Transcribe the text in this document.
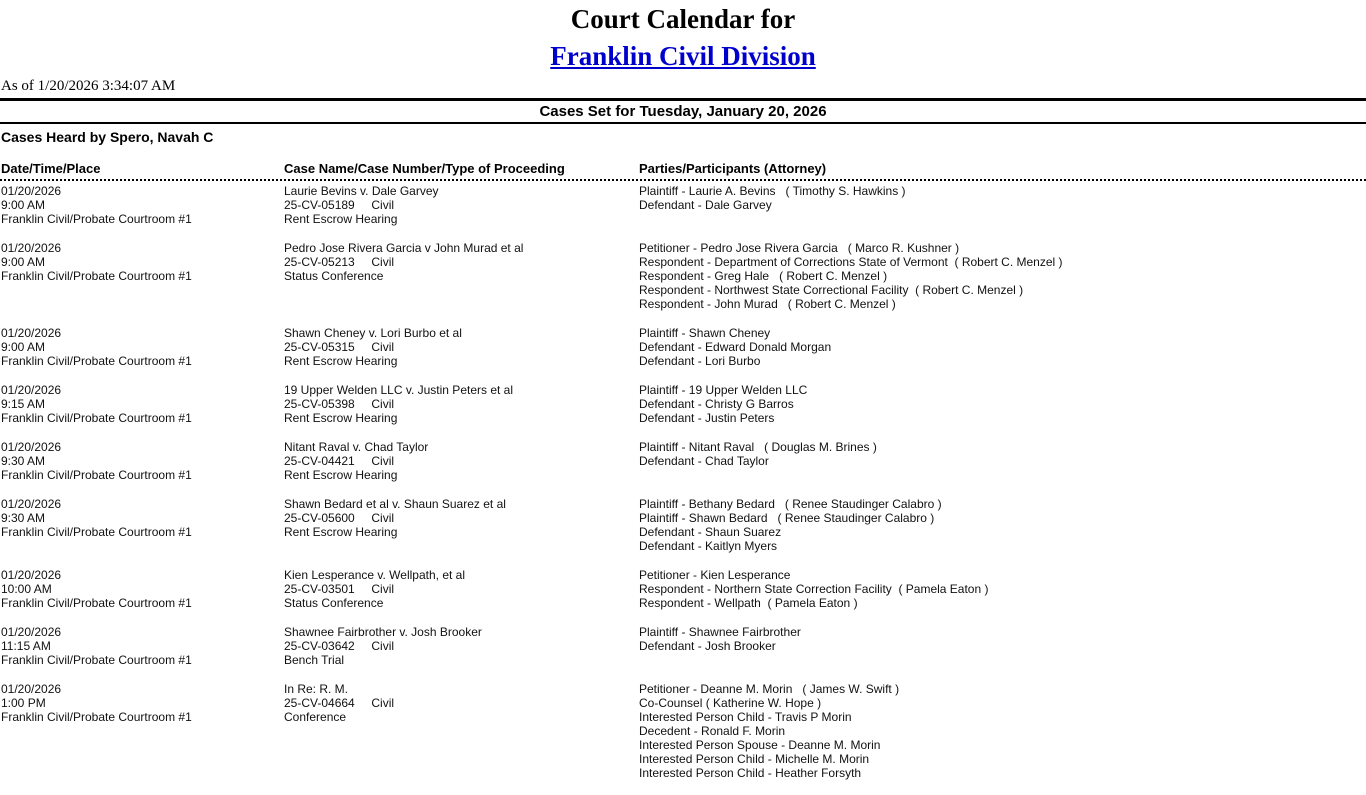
Court Calendar for
Franklin Civil Division
As of 1/20/2026 3:34:07 AM
Cases Set for Tuesday, January 20, 2026
Cases Heard by Spero, Navah C
Date/Time/Place	Case Name/Case Number/Type of Proceeding	Parties/Participants (Attorney)
01/20/2026
9:00 AM
Franklin Civil/Probate Courtroom #1
Laurie Bevins v. Dale Garvey
25-CV-05189 Civil
Rent Escrow Hearing
Plaintiff - Laurie A. Bevins   ( Timothy S. Hawkins )
Defendant - Dale Garvey
01/20/2026
9:00 AM
Franklin Civil/Probate Courtroom #1
Pedro Jose Rivera Garcia v John Murad et al
25-CV-05213 Civil
Status Conference
Petitioner - Pedro Jose Rivera Garcia   ( Marco R. Kushner )
Respondent - Department of Corrections State of Vermont  ( Robert C. Menzel )
Respondent - Greg Hale   ( Robert C. Menzel )
Respondent - Northwest State Correctional Facility  ( Robert C. Menzel )
Respondent - John Murad   ( Robert C. Menzel )
01/20/2026
9:00 AM
Franklin Civil/Probate Courtroom #1
Shawn Cheney v. Lori Burbo et al
25-CV-05315 Civil
Rent Escrow Hearing
Plaintiff - Shawn Cheney
Defendant - Edward Donald Morgan
Defendant - Lori Burbo
01/20/2026
9:15 AM
Franklin Civil/Probate Courtroom #1
19 Upper Welden LLC v. Justin Peters et al
25-CV-05398 Civil
Rent Escrow Hearing
Plaintiff - 19 Upper Welden LLC
Defendant - Christy G Barros
Defendant - Justin Peters
01/20/2026
9:30 AM
Franklin Civil/Probate Courtroom #1
Nitant Raval v. Chad Taylor
25-CV-04421 Civil
Rent Escrow Hearing
Plaintiff - Nitant Raval   ( Douglas M. Brines )
Defendant - Chad Taylor
01/20/2026
9:30 AM
Franklin Civil/Probate Courtroom #1
Shawn Bedard et al v. Shaun Suarez et al
25-CV-05600 Civil
Rent Escrow Hearing
Plaintiff - Bethany Bedard   ( Renee Staudinger Calabro )
Plaintiff - Shawn Bedard   ( Renee Staudinger Calabro )
Defendant - Shaun Suarez
Defendant - Kaitlyn Myers
01/20/2026
10:00 AM
Franklin Civil/Probate Courtroom #1
Kien Lesperance v. Wellpath, et al
25-CV-03501 Civil
Status Conference
Petitioner - Kien Lesperance
Respondent - Northern State Correction Facility  ( Pamela Eaton )
Respondent - Wellpath  ( Pamela Eaton )
01/20/2026
11:15 AM
Franklin Civil/Probate Courtroom #1
Shawnee Fairbrother v. Josh Brooker
25-CV-03642 Civil
Bench Trial
Plaintiff - Shawnee Fairbrother
Defendant - Josh Brooker
01/20/2026
1:00 PM
Franklin Civil/Probate Courtroom #1
In Re: R. M.
25-CV-04664 Civil
Conference
Petitioner - Deanne M. Morin   ( James W. Swift )
Co-Counsel ( Katherine W. Hope )
Interested Person Child - Travis P Morin
Decedent - Ronald F. Morin
Interested Person Spouse - Deanne M. Morin
Interested Person Child - Michelle M. Morin
Interested Person Child - Heather Forsyth
